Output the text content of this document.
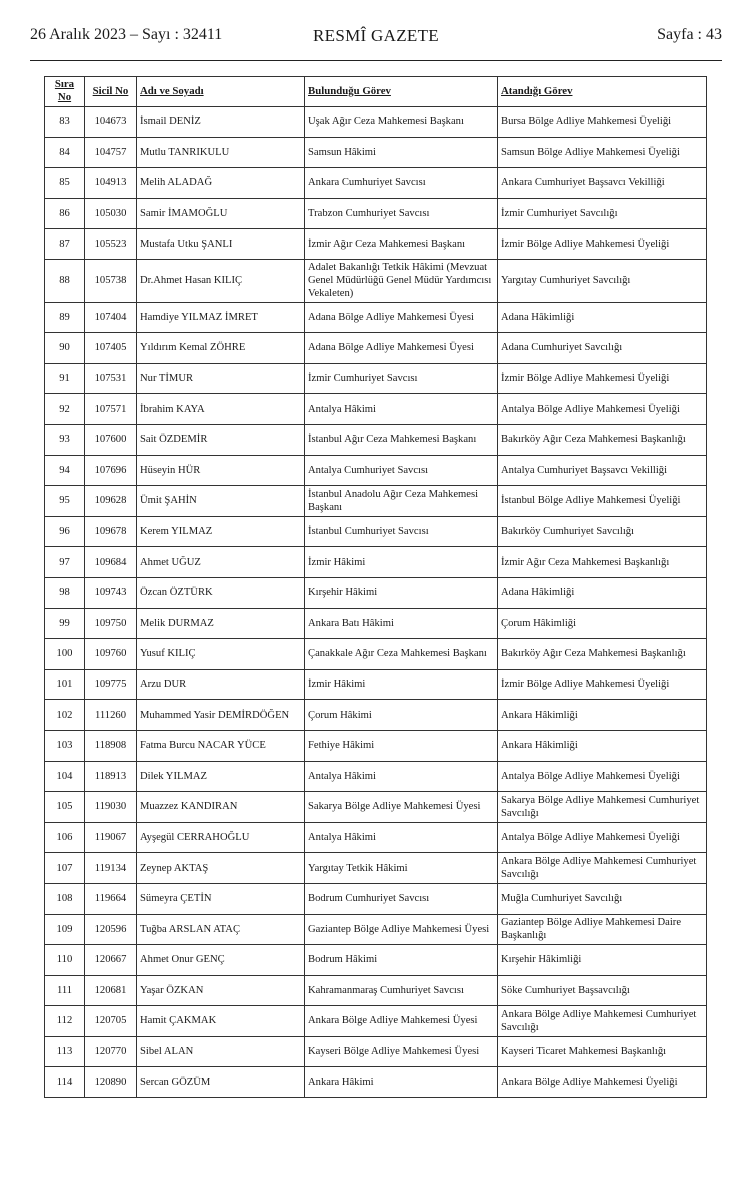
26 Aralık 2023 – Sayı : 32411	RESMÎ GAZETE	Sayfa : 43
Sıra No	Sicil No	Adı ve Soyadı	Bulunduğu Görev	Atandığı Görev
83	104673	İsmail DENİZ	Uşak Ağır Ceza Mahkemesi Başkanı	Bursa Bölge Adliye Mahkemesi Üyeliği
84	104757	Mutlu TANRIKULU	Samsun Hâkimi	Samsun Bölge Adliye Mahkemesi Üyeliği
85	104913	Melih ALADAĞ	Ankara Cumhuriyet Savcısı	Ankara Cumhuriyet Başsavcı Vekilliği
86	105030	Samir İMAMOĞLU	Trabzon Cumhuriyet Savcısı	İzmir Cumhuriyet Savcılığı
87	105523	Mustafa Utku ŞANLI	İzmir Ağır Ceza Mahkemesi Başkanı	İzmir Bölge Adliye Mahkemesi Üyeliği
88	105738	Dr.Ahmet Hasan KILIÇ	Adalet Bakanlığı Tetkik Hâkimi (Mevzuat Genel Müdürlüğü Genel Müdür Yardımcısı Vekaleten)	Yargıtay Cumhuriyet Savcılığı
89	107404	Hamdiye YILMAZ İMRET	Adana Bölge Adliye Mahkemesi Üyesi	Adana Hâkimliği
90	107405	Yıldırım Kemal ZÖHRE	Adana Bölge Adliye Mahkemesi Üyesi	Adana Cumhuriyet Savcılığı
91	107531	Nur TİMUR	İzmir Cumhuriyet Savcısı	İzmir Bölge Adliye Mahkemesi Üyeliği
92	107571	İbrahim KAYA	Antalya Hâkimi	Antalya Bölge Adliye Mahkemesi Üyeliği
93	107600	Sait ÖZDEMİR	İstanbul Ağır Ceza Mahkemesi Başkanı	Bakırköy Ağır Ceza Mahkemesi Başkanlığı
94	107696	Hüseyin HÜR	Antalya Cumhuriyet Savcısı	Antalya Cumhuriyet Başsavcı Vekilliği
95	109628	Ümit ŞAHİN	İstanbul Anadolu Ağır Ceza Mahkemesi Başkanı	İstanbul Bölge Adliye Mahkemesi Üyeliği
96	109678	Kerem YILMAZ	İstanbul Cumhuriyet Savcısı	Bakırköy Cumhuriyet Savcılığı
97	109684	Ahmet UĞUZ	İzmir Hâkimi	İzmir Ağır Ceza Mahkemesi Başkanlığı
98	109743	Özcan ÖZTÜRK	Kırşehir Hâkimi	Adana Hâkimliği
99	109750	Melik DURMAZ	Ankara Batı Hâkimi	Çorum Hâkimliği
100	109760	Yusuf KILIÇ	Çanakkale Ağır Ceza Mahkemesi Başkanı	Bakırköy Ağır Ceza Mahkemesi Başkanlığı
101	109775	Arzu DUR	İzmir Hâkimi	İzmir Bölge Adliye Mahkemesi Üyeliği
102	111260	Muhammed Yasir DEMİRDÖĞEN	Çorum Hâkimi	Ankara Hâkimliği
103	118908	Fatma Burcu NACAR YÜCE	Fethiye Hâkimi	Ankara Hâkimliği
104	118913	Dilek YILMAZ	Antalya Hâkimi	Antalya Bölge Adliye Mahkemesi Üyeliği
105	119030	Muazzez KANDIRAN	Sakarya Bölge Adliye Mahkemesi Üyesi	Sakarya Bölge Adliye Mahkemesi Cumhuriyet Savcılığı
106	119067	Ayşegül CERRAHOĞLU	Antalya Hâkimi	Antalya Bölge Adliye Mahkemesi Üyeliği
107	119134	Zeynep AKTAŞ	Yargıtay Tetkik Hâkimi	Ankara Bölge Adliye Mahkemesi Cumhuriyet Savcılığı
108	119664	Sümeyra ÇETİN	Bodrum Cumhuriyet Savcısı	Muğla Cumhuriyet Savcılığı
109	120596	Tuğba ARSLAN ATAÇ	Gaziantep Bölge Adliye Mahkemesi Üyesi	Gaziantep Bölge Adliye Mahkemesi Daire Başkanlığı
110	120667	Ahmet Onur GENÇ	Bodrum Hâkimi	Kırşehir Hâkimliği
111	120681	Yaşar ÖZKAN	Kahramanmaraş Cumhuriyet Savcısı	Söke Cumhuriyet Başsavcılığı
112	120705	Hamit ÇAKMAK	Ankara Bölge Adliye Mahkemesi Üyesi	Ankara Bölge Adliye Mahkemesi Cumhuriyet Savcılığı
113	120770	Sibel ALAN	Kayseri Bölge Adliye Mahkemesi Üyesi	Kayseri Ticaret Mahkemesi Başkanlığı
114	120890	Sercan GÖZÜM	Ankara Hâkimi	Ankara Bölge Adliye Mahkemesi Üyeliği
